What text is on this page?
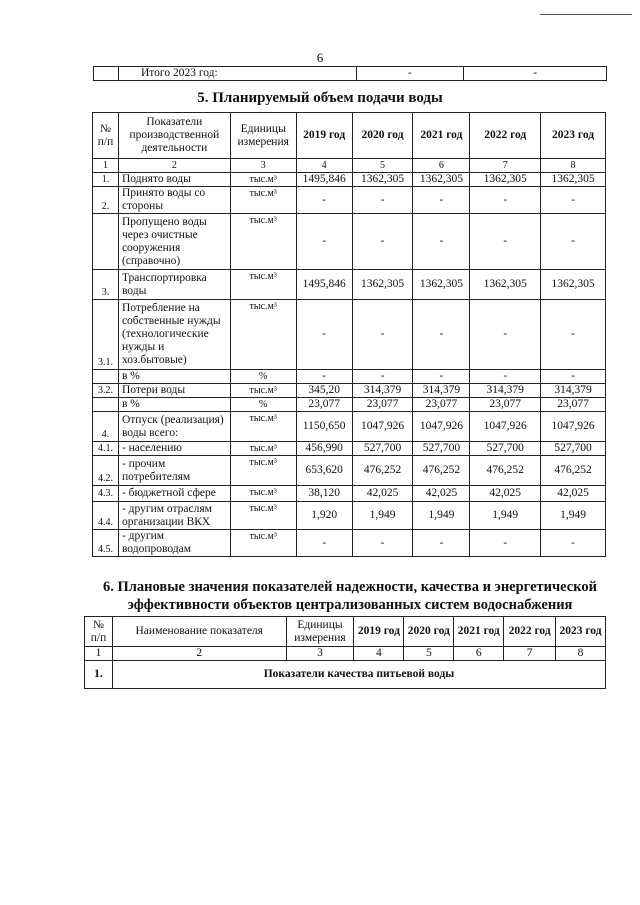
6
	Итого 2023 год:	-	-
5. Планируемый объем подачи воды
№ п/п	Показатели производственной деятельности	Единицы измерения	2019 год	2020 год	2021 год	2022 год	2023 год
1	2	3	4	5	6	7	8
1.	Поднято воды	тыс.м³	1495,846	1362,305	1362,305	1362,305	1362,305
2.	Принято воды со стороны	тыс.м³	-	-	-	-	-
	Пропущено воды через очистные сооружения (справочно)	тыс.м³	-	-	-	-	-
3.	Транспортировка воды	тыс.м³	1495,846	1362,305	1362,305	1362,305	1362,305
3.1.	Потребление на собственные нужды (технологические нужды и хоз.бытовые)	тыс.м³	-	-	-	-	-
	в %	%	-	-	-	-	-
3.2.	Потери воды	тыс.м³	345,20	314,379	314,379	314,379	314,379
	в %	%	23,077	23,077	23,077	23,077	23,077
4.	Отпуск (реализация) воды всего:	тыс.м³	1150,650	1047,926	1047,926	1047,926	1047,926
4.1.	- населению	тыс.м³	456,990	527,700	527,700	527,700	527,700
4.2.	- прочим потребителям	тыс.м³	653,620	476,252	476,252	476,252	476,252
4.3.	- бюджетной сфере	тыс.м³	38,120	42,025	42,025	42,025	42,025
4.4.	- другим отраслям организации ВКХ	тыс.м³	1,920	1,949	1,949	1,949	1,949
4.5.	- другим водопроводам	тыс.м³	-	-	-	-	-
6. Плановые значения показателей надежности, качества и энергетической эффективности объектов централизованных систем водоснабжения
№ п/п	Наименование показателя	Единицы измерения	2019 год	2020 год	2021 год	2022 год	2023 год
1	2	3	4	5	6	7	8
1.	Показатели качества питьевой воды						
